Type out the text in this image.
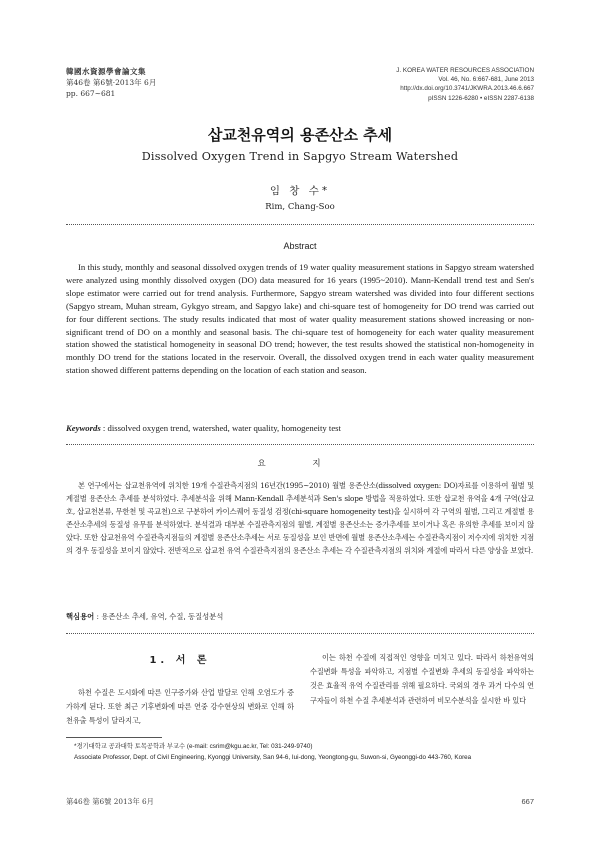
韓國水資源學會論文集
第46卷 第6號·2013年 6月
pp. 667~681
J. KOREA WATER RESOURCES ASSOCIATION
Vol. 46, No. 6:667-681, June 2013
http://dx.doi.org/10.3741/JKWRA.2013.46.6.667
pISSN 1226-6280 • eISSN 2287-6138
삽교천유역의 용존산소 추세
Dissolved Oxygen Trend in Sapgyo Stream Watershed
임 창 수*
Rim, Chang-Soo
Abstract

In this study, monthly and seasonal dissolved oxygen trends of 19 water quality measurement stations in Sapgyo stream watershed were analyzed using monthly dissolved oxygen (DO) data measured for 16 years (1995~2010). Mann-Kendall trend test and Sen's slope estimator were carried out for trend analysis. Furthermore, Sapgyo stream watershed was divided into four different sections (Sapgyo stream, Muhan stream, Gykgyo stream, and Sapgyo lake) and chi-square test of homogeneity for DO trend was carried out for four different sections. The study results indicated that most of water quality measurement stations showed increasing or non-significant trend of DO on a monthly and seasonal basis. The chi-square test of homogeneity for each water quality measurement station showed the statistical homogeneity in seasonal DO trend; however, the test results showed the statistical non-homogeneity in monthly DO trend for the stations located in the reservoir. Overall, the dissolved oxygen trend in each water quality measurement station showed different patterns depending on the location of each station and season.

Keywords : dissolved oxygen trend, watershed, water quality, homogeneity test
요 지

본 연구에서는 삽교천유역에 위치한 19개 수질관측지점의 16년간(1995~2010) 월별 용존산소(dissolved oxygen: DO)자료를 이용하여 월별 및 계절별 용존산소 추세를 분석하였다. 추세분석을 위해 Mann-Kendall 추세분석과 Sen's slope 방법을 적용하였다. 또한 삽교천 유역을 4개 구역(삽교호, 삽교천본류, 무한천 및 곡교천)으로 구분하여 카이스퀘어 동질성 검정(chi-square homogeneity test)을 실시하여 각 구역의 월별, 그리고 계절별 용존산소추세의 동질성 유무를 분석하였다. 분석결과 대부분 수질관측지점의 월별, 계절별 용존산소는 증가추세를 보이거나 혹은 유의한 추세를 보이지 않았다. 또한 삽교천유역 수질관측지점들의 계절별 용존산소추세는 서로 동질성을 보인 반면에 월별 용존산소추세는 수질관측지점이 저수지에 위치한 지점의 경우 동질성을 보이지 않았다. 전반적으로 삽교천 유역 수질관측지점의 용존산소 추세는 각 수질관측지점의 위치와 계절에 따라서 다른 양상을 보였다.

핵심용어 : 용존산소 추세, 유역, 수질, 동질성분석
1. 서 론

하천 수질은 도시화에 따른 인구증가와 산업 발달로 인해 오염도가 증가하게 된다. 또한 최근 기후변화에 따른 연중 강수현상의 변화로 인해 하천유출 특성이 달라지고,

이는 하천 수질에 직접적인 영향을 미치고 있다. 따라서 하천유역의 수질변화 특성을 파악하고, 지점별 수질변화 추세의 동질성을 파악하는 것은 효율적 유역 수질관리를 위해 필요하다. 국외의 경우 과거 다수의 연구자들이 하천 수질 추세분석과 관련하여 비모수분석을 실시한 바 있다

*경기대학교 공과대학 토목공학과 부교수 (e-mail: csrim@kgu.ac.kr, Tel: 031-249-9740)
Associate Professor, Dept. of Civil Engineering, Kyonggi University, San 94-6, Iui-dong, Yeongtong-gu, Suwon-si, Gyeonggi-do 443-760, Korea
第46卷 第6號 2013年 6月	667
